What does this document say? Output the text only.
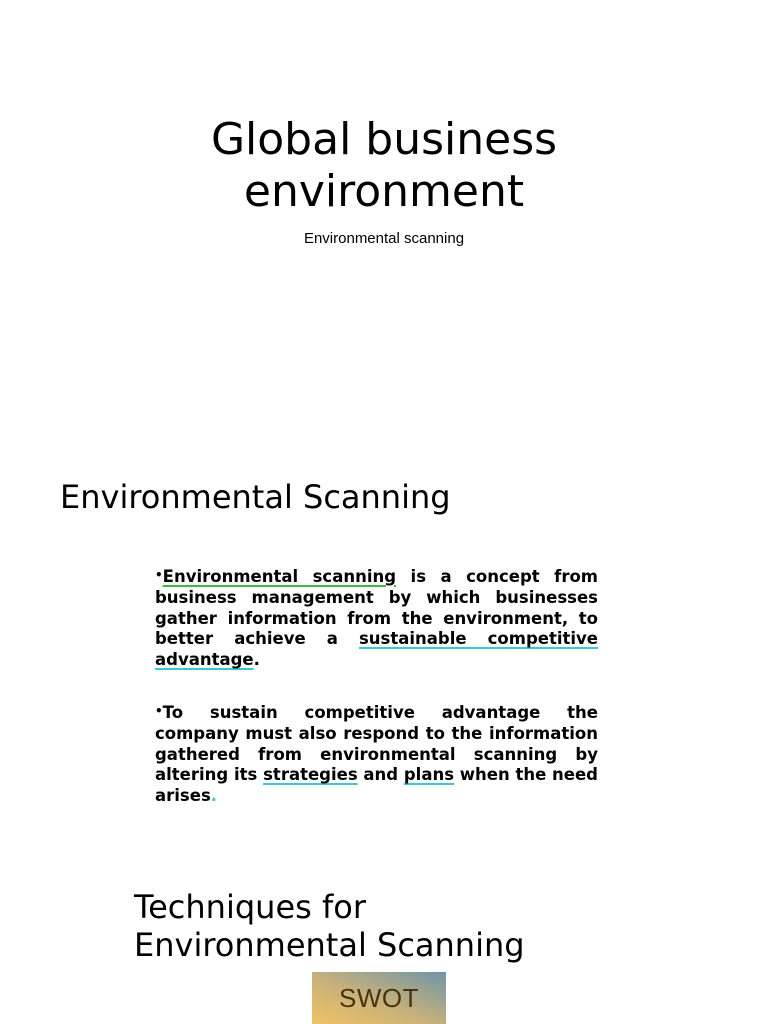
Global business
environment
Environmental scanning
Environmental Scanning
•Environmental scanning is a concept from business management by which businesses gather information from the environment, to better achieve a sustainable competitive advantage.
•To sustain competitive advantage the company must also respond to the information gathered from environmental scanning by altering its strategies and plans when the need arises.
Techniques for
Environmental Scanning
SWOT
